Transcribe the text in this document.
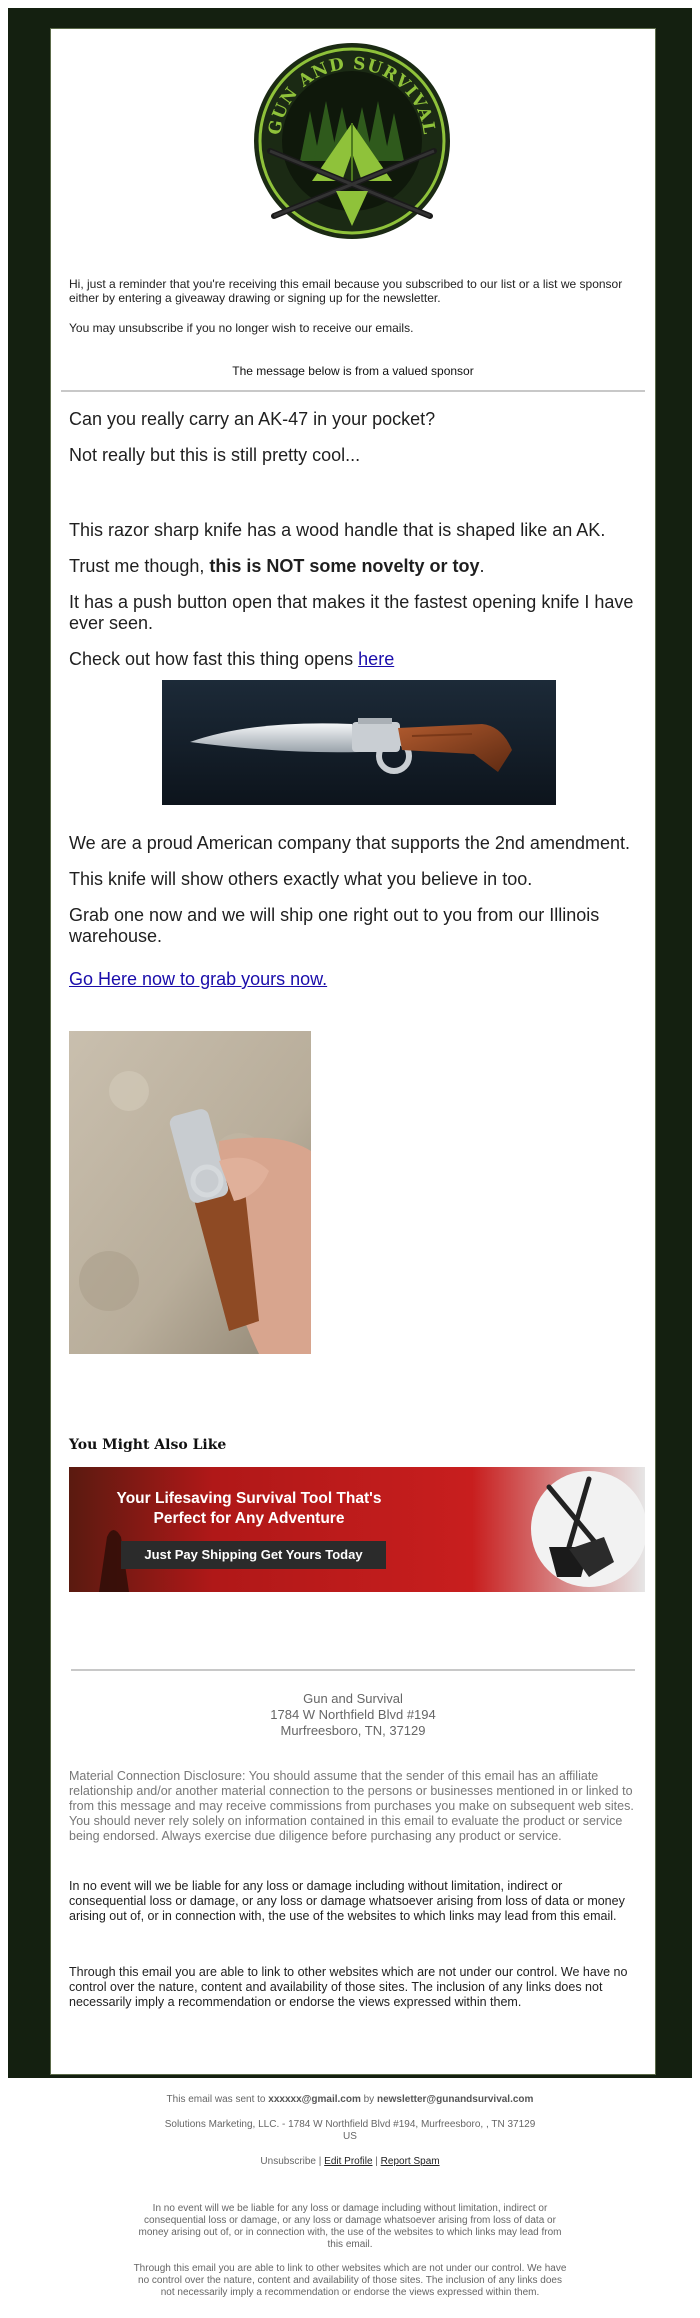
GUN AND SURVIVAL

Hi, just a reminder that you're receiving this email because you subscribed to our list or a list we sponsor either by entering a giveaway drawing or signing up for the newsletter.

You may unsubscribe if you no longer wish to receive our emails.

The message below is from a valued sponsor

Can you really carry an AK-47 in your pocket?

Not really but this is still pretty cool...

This razor sharp knife has a wood handle that is shaped like an AK.

Trust me though, this is NOT some novelty or toy.

It has a push button open that makes it the fastest opening knife I have ever seen.

Check out how fast this thing opens here

We are a proud American company that supports the 2nd amendment.

This knife will show others exactly what you believe in too.

Grab one now and we will ship one right out to you from our Illinois warehouse.

Go Here now to grab yours now.

You Might Also Like
Your Lifesaving Survival Tool That's
Perfect for Any Adventure
Just Pay Shipping Get Yours Today
Gun and Survival
1784 W Northfield Blvd #194
Murfreesboro, TN, 37129

Material Connection Disclosure: You should assume that the sender of this email has an affiliate relationship and/or another material connection to the persons or businesses mentioned in or linked to from this message and may receive commissions from purchases you make on subsequent web sites. You should never rely solely on information contained in this email to evaluate the product or service being endorsed. Always exercise due diligence before purchasing any product or service.

In no event will we be liable for any loss or damage including without limitation, indirect or consequential loss or damage, or any loss or damage whatsoever arising from loss of data or money arising out of, or in connection with, the use of the websites to which links may lead from this email.

Through this email you are able to link to other websites which are not under our control. We have no control over the nature, content and availability of those sites. The inclusion of any links does not necessarily imply a recommendation or endorse the views expressed within them.

This email was sent to xxxxxx@gmail.com by newsletter@gunandsurvival.com
Solutions Marketing, LLC. - 1784 W Northfield Blvd #194, Murfreesboro, , TN 37129
US
Unsubscribe | Edit Profile | Report Spam
In no event will we be liable for any loss or damage including without limitation, indirect or consequential loss or damage, or any loss or damage whatsoever arising from loss of data or money arising out of, or in connection with, the use of the websites to which links may lead from this email.
Through this email you are able to link to other websites which are not under our control. We have no control over the nature, content and availability of those sites. The inclusion of any links does not necessarily imply a recommendation or endorse the views expressed within them.
